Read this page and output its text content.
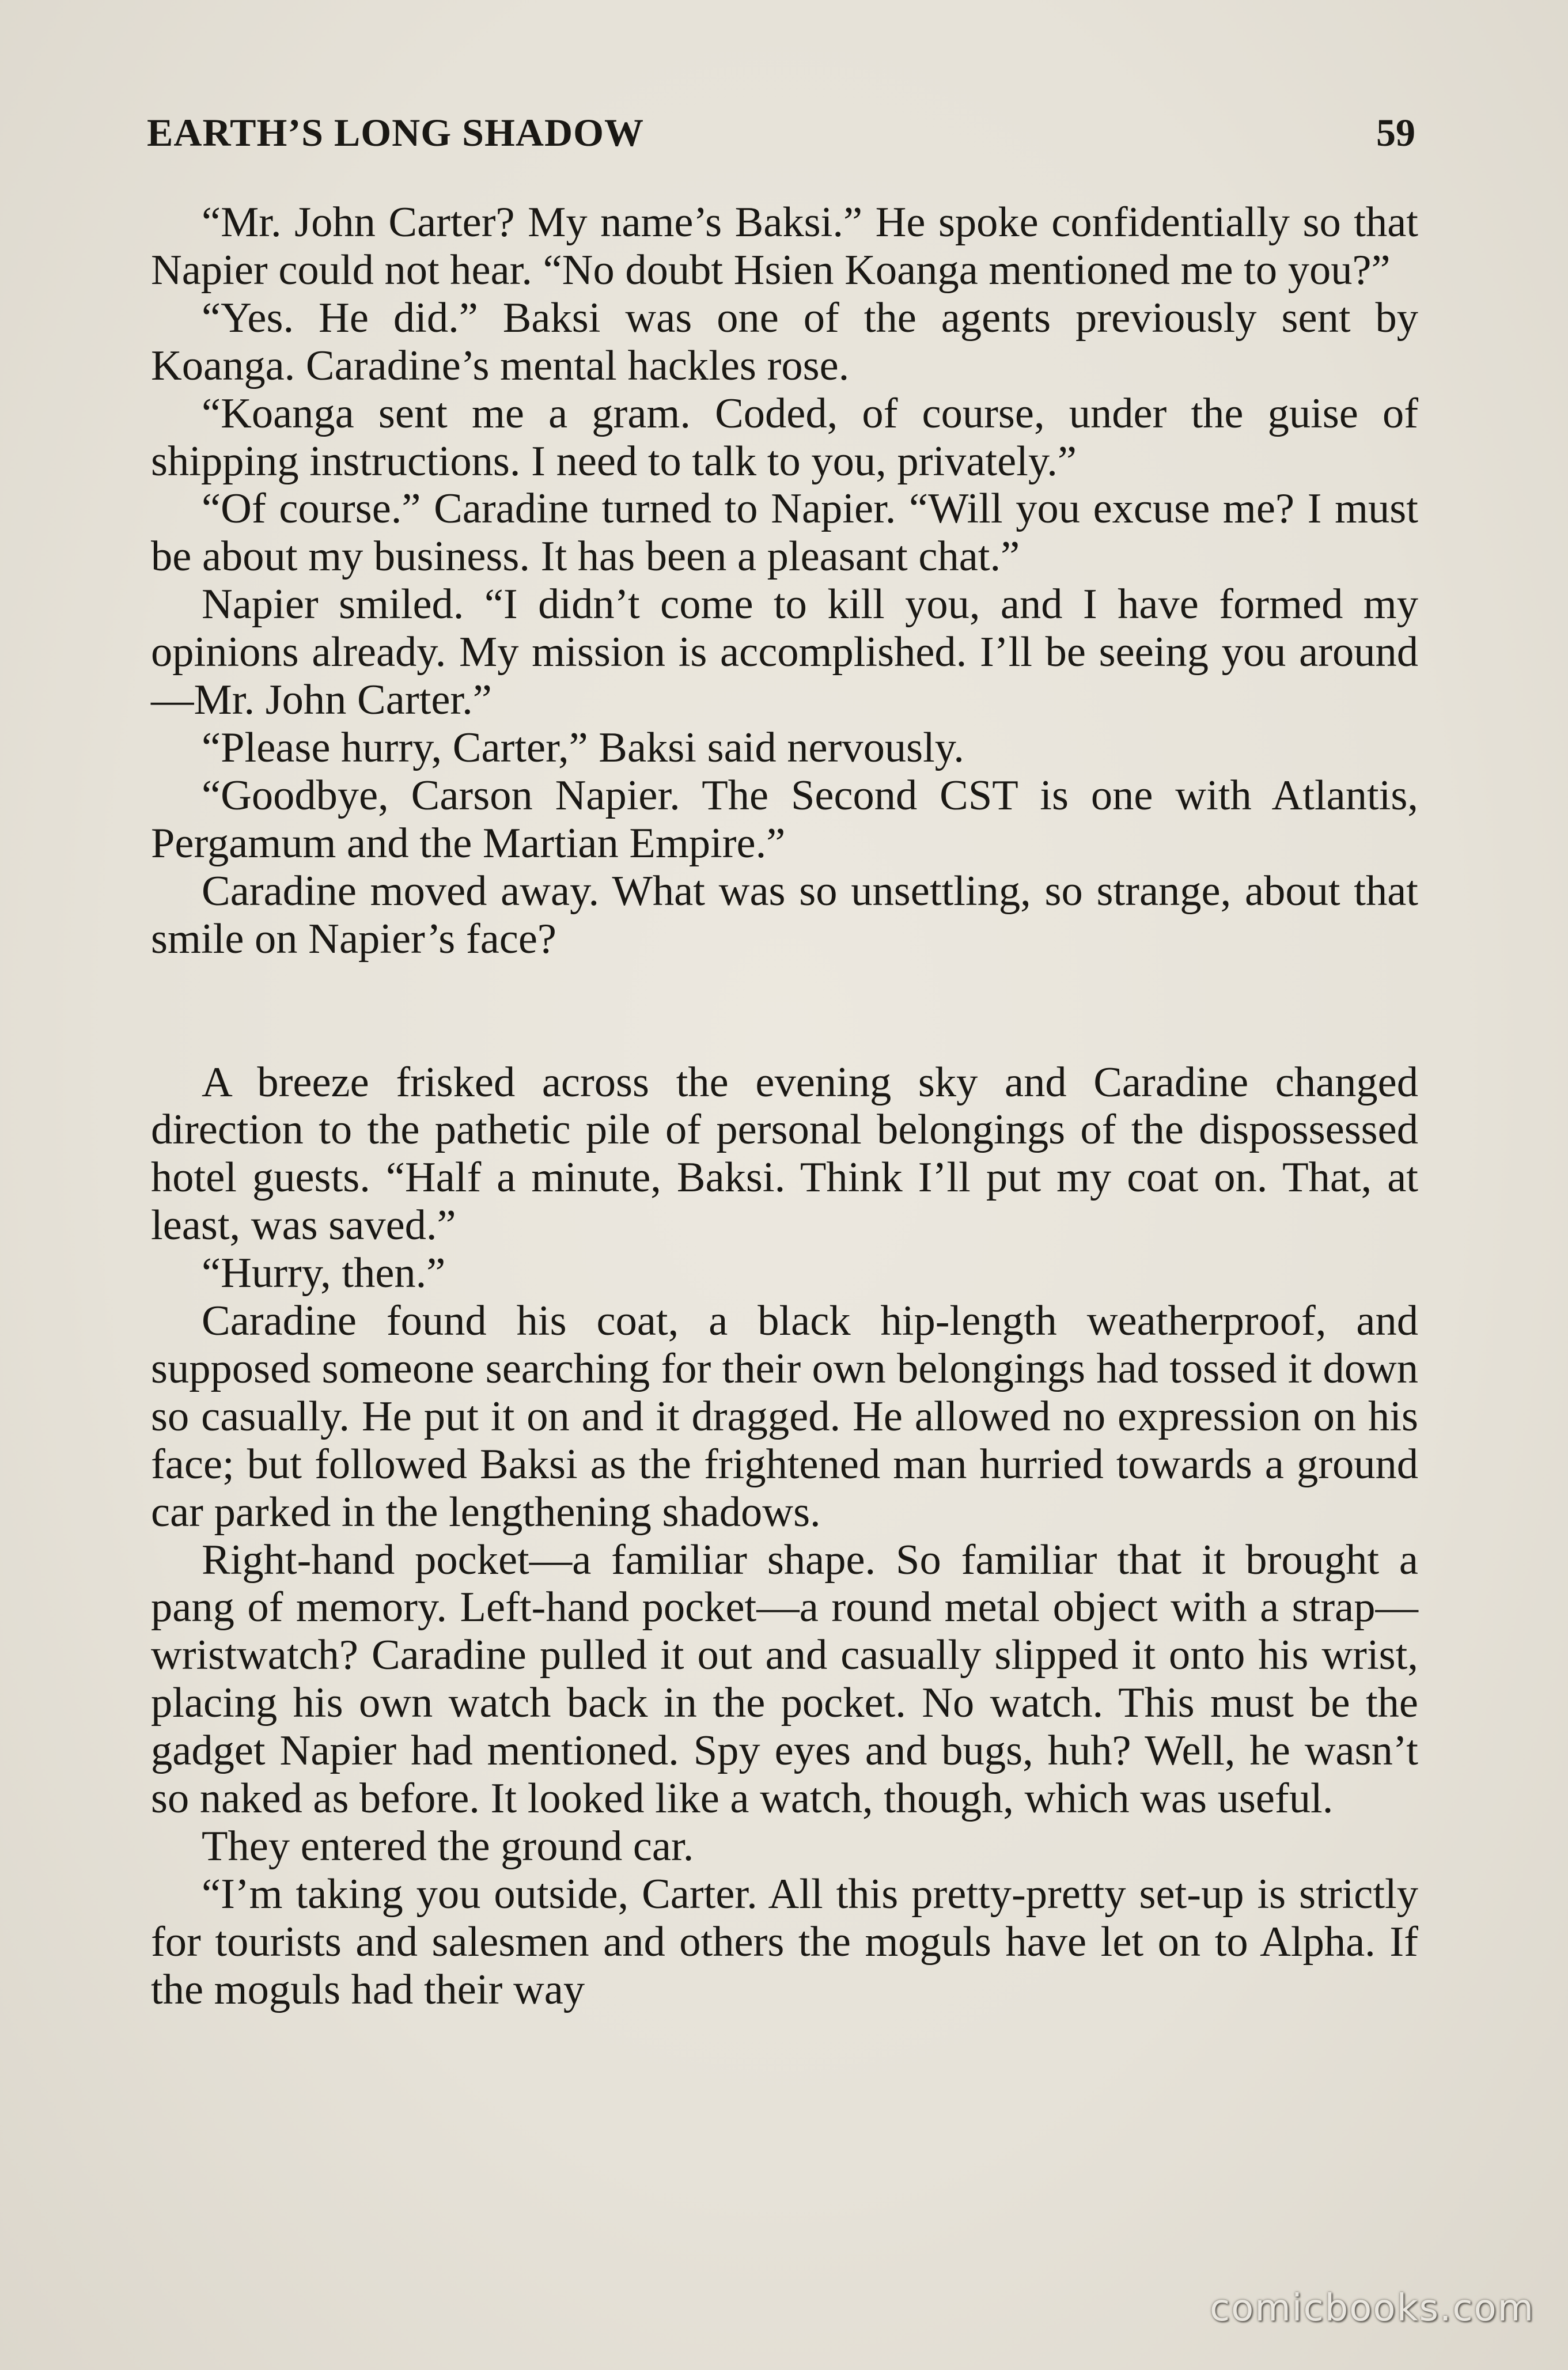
EARTH’S LONG SHADOW	59

“Mr. John Carter? My name’s Baksi.” He spoke confidentially so that Napier could not hear. “No doubt Hsien Koanga mentioned me to you?”

“Yes. He did.” Baksi was one of the agents previously sent by Koanga. Caradine’s mental hackles rose.

“Koanga sent me a gram. Coded, of course, under the guise of shipping instructions. I need to talk to you, privately.”

“Of course.” Caradine turned to Napier. “Will you excuse me? I must be about my business. It has been a pleasant chat.”

Napier smiled. “I didn’t come to kill you, and I have formed my opinions already. My mission is accomplished. I’ll be seeing you around—Mr. John Carter.”

“Please hurry, Carter,” Baksi said nervously.

“Goodbye, Carson Napier. The Second CST is one with Atlantis, Pergamum and the Martian Empire.”

Caradine moved away. What was so unsettling, so strange, about that smile on Napier’s face?

A breeze frisked across the evening sky and Caradine changed direction to the pathetic pile of personal belongings of the dispossessed hotel guests. “Half a minute, Baksi. Think I’ll put my coat on. That, at least, was saved.”

“Hurry, then.”

Caradine found his coat, a black hip-length weatherproof, and supposed someone searching for their own belongings had tossed it down so casually. He put it on and it dragged. He allowed no expression on his face; but followed Baksi as the frightened man hurried towards a ground car parked in the lengthening shadows.

Right-hand pocket—a familiar shape. So familiar that it brought a pang of memory. Left-hand pocket—a round metal object with a strap—wristwatch? Caradine pulled it out and casually slipped it onto his wrist, placing his own watch back in the pocket. No watch. This must be the gadget Napier had mentioned. Spy eyes and bugs, huh? Well, he wasn’t so naked as before. It looked like a watch, though, which was useful.

They entered the ground car.

“I’m taking you outside, Carter. All this pretty-pretty set-up is strictly for tourists and salesmen and others the moguls have let on to Alpha. If the moguls had their way

comicbooks.com
